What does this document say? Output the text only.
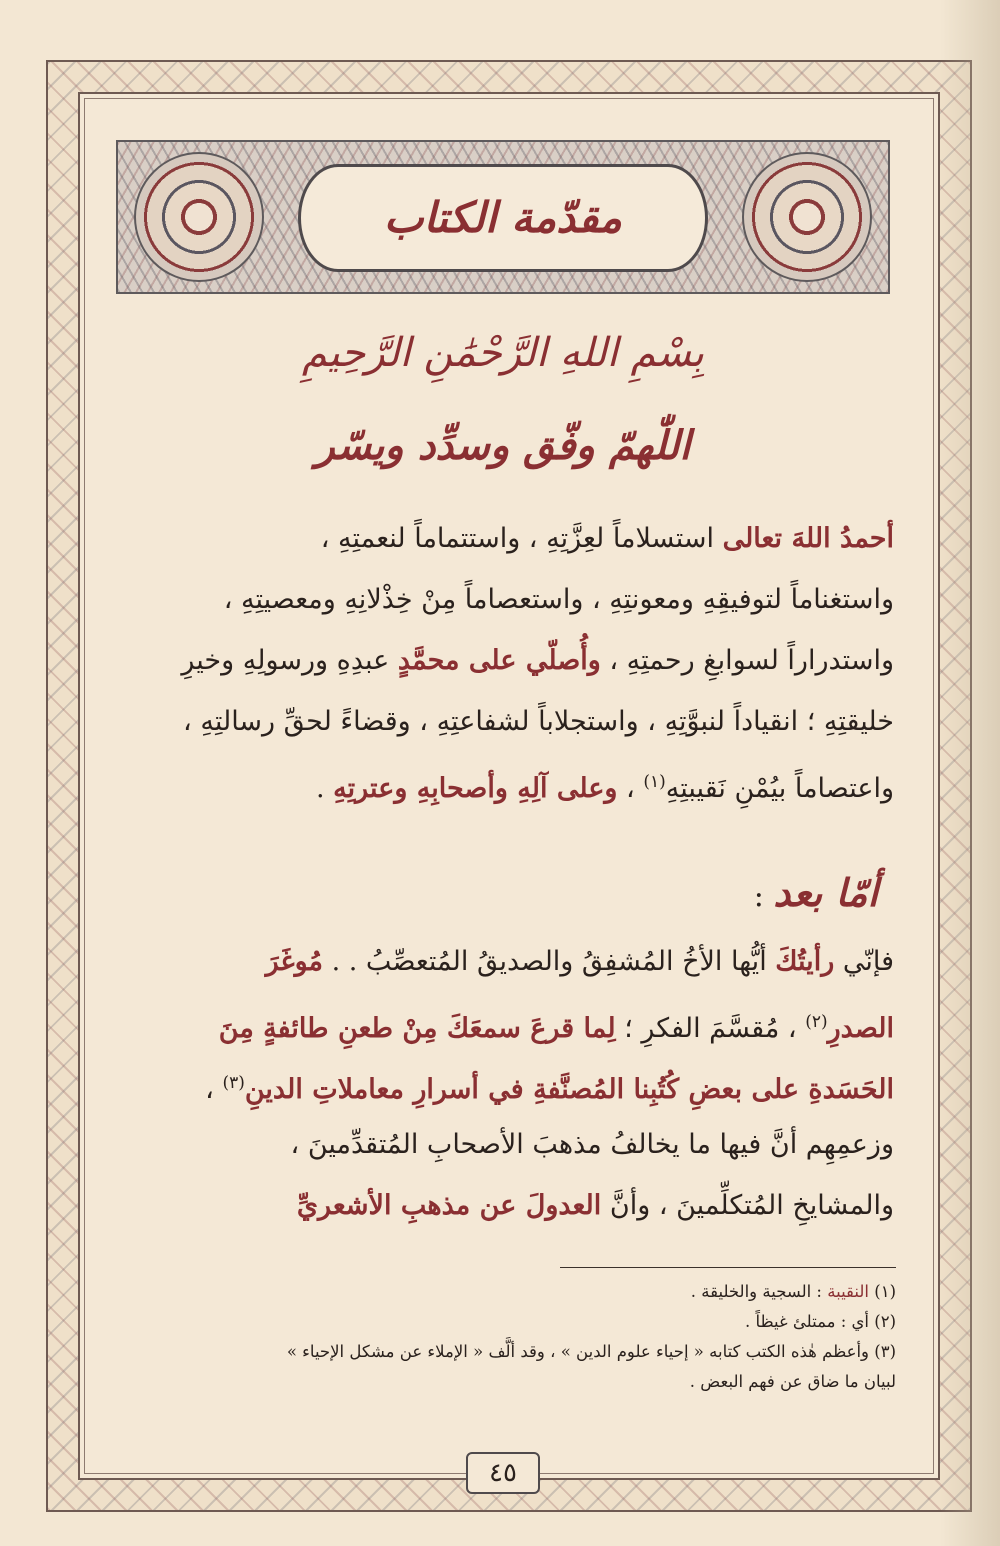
مقدّمة الكتاب

بِسْمِ اللهِ الرَّحْمَٰنِ الرَّحِيمِ

اللّٰهمّ وفّق وسدِّد ويسّر

أحمدُ اللهَ تعالى استسلاماً لعِزَّتِهِ ، واستتماماً لنعمتِهِ ،
واستغناماً لتوفيقِهِ ومعونتِهِ ، واستعصاماً مِنْ خِذْلانِهِ ومعصيتِهِ ،
واستدراراً لسوابغِ رحمتِهِ ، وأُصلّي على محمَّدٍ عبدِهِ ورسولِهِ وخيرِ
خليقتِهِ ؛ انقياداً لنبوَّتِهِ ، واستجلاباً لشفاعتِهِ ، وقضاءً لحقِّ رسالتِهِ ،
واعتصاماً بيُمْنِ نَقيبتِهِ$^{(١)}$ ، وعلى آلِهِ وأصحابِهِ وعترتِهِ .

أمّا بعد :

فإنّي رأيتُكَ أيُّها الأخُ المُشفِقُ والصديقُ المُتعصِّبُ . . مُوغَرَ
الصدرِ$^{(٢)}$ ، مُقسَّمَ الفكرِ ؛ لِما قرعَ سمعَكَ مِنْ طعنِ طائفةٍ مِنَ
الحَسَدةِ على بعضِ كُتُبِنا المُصنَّفةِ في أسرارِ معاملاتِ الدينِ$^{(٣)}$ ،
وزعمِهِم أنَّ فيها ما يخالفُ مذهبَ الأصحابِ المُتقدِّمينَ ،
والمشايخِ المُتكلِّمينَ ، وأنَّ العدولَ عن مذهبِ الأشعريِّ
(١) النقيبة : السجية والخليقة .
(٢) أي : ممتلئ غيظاً .
(٣) وأعظم هٰذه الكتب كتابه « إحياء علوم الدين » ، وقد ألَّف « الإملاء عن مشكل الإحياء »
لبيان ما ضاق عن فهم البعض .

٤٥
